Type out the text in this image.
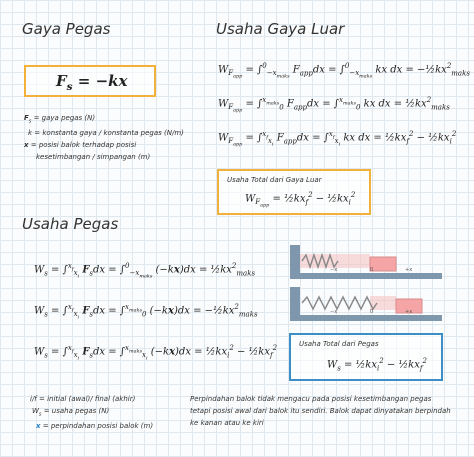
Gaya Pegas	Usaha Gaya Luar
Usaha Pegas
$F_s = -kx$
$F_s$ = gaya pegas (N)
k = konstanta gaya / konstanta pegas (N/m)
x = posisi balok terhadap posisi
kesetimbangan / simpangan (m)
$W_{F_{app}} = \int^0_{-x_{maks}}$ $F_{app}dx = \int^0_{-x_{maks}}$ kx dx = $-\frac{1}{2}kx^2_{maks}$
$W_{F_{app}} = \int^{x_{maks}}_0$ $F_{app}dx = \int^{x_{maks}}_0$ kx dx = $\frac{1}{2}kx^2_{maks}$
$W_{F_{app}} = \int^{x_f}_{x_i}$ $F_{app}dx = \int^{x_f}_{x_i}$ kx dx = $\frac{1}{2}kx_f^2$ − $\frac{1}{2}kx_i^2$
Usaha Total dari Gaya Luar
$W_{F_{app}}$ = $\frac{1}{2}kx_f^2$ − $\frac{1}{2}kx_i^2$
$W_s = \int^{x_f}_{x_i}$ $F_sdx = \int^0_{-x_{maks}}$ $(-kx)dx = \frac{1}{2}kx^2_{maks}$
$W_s = \int^{x_f}_{x_i}$ $F_sdx = \int^{x_{maks}}_0$ $(-kx)dx = -\frac{1}{2}kx^2_{maks}$
$W_s = \int^{x_f}_{x_i}$ $F_sdx = \int^{x_{maks}}_{x_i}$ $(-kx)dx = \frac{1}{2}kx_i^2$ − $\frac{1}{2}kx_f^2$
−x	0	+x
−x	0	+x
Usaha Total dari Pegas
$W_s$ = $\frac{1}{2}kx_i^2$ − $\frac{1}{2}kx_f^2$
i/f = initial (awal)/ final (akhir)
$W_s$ = usaha pegas (N)
x = perpindahan posisi balok (m)
Perpindahan balok tidak mengacu pada posisi kesetimbangan pegas
tetapi posisi awal dari balok itu sendiri. Balok dapat dinyatakan berpindah
ke kanan atau ke kiri
